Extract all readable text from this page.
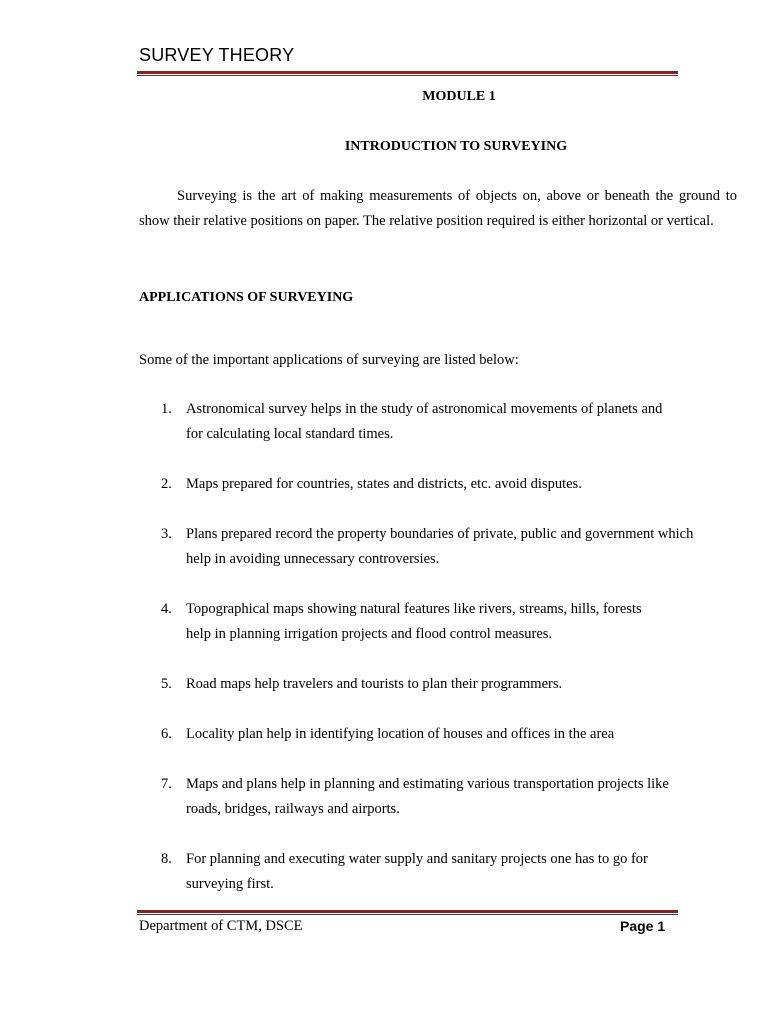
SURVEY THEORY

MODULE 1

INTRODUCTION TO SURVEYING

Surveying is the art of making measurements of objects on, above or beneath the ground to show their relative positions on paper. The relative position required is either horizontal or vertical.

APPLICATIONS OF SURVEYING

Some of the important applications of surveying are listed below:

1. Astronomical survey helps in the study of astronomical movements of planets and
for calculating local standard times.
2. Maps prepared for countries, states and districts, etc. avoid disputes.
3. Plans prepared record the property boundaries of private, public and government which
help in avoiding unnecessary controversies.
4. Topographical maps showing natural features like rivers, streams, hills, forests
help in planning irrigation projects and flood control measures.
5. Road maps help travelers and tourists to plan their programmers.
6. Locality plan help in identifying location of houses and offices in the area
7. Maps and plans help in planning and estimating various transportation projects like
roads, bridges, railways and airports.
8. For planning and executing water supply and sanitary projects one has to go for
surveying first.

Department of CTM, DSCE	Page 1
